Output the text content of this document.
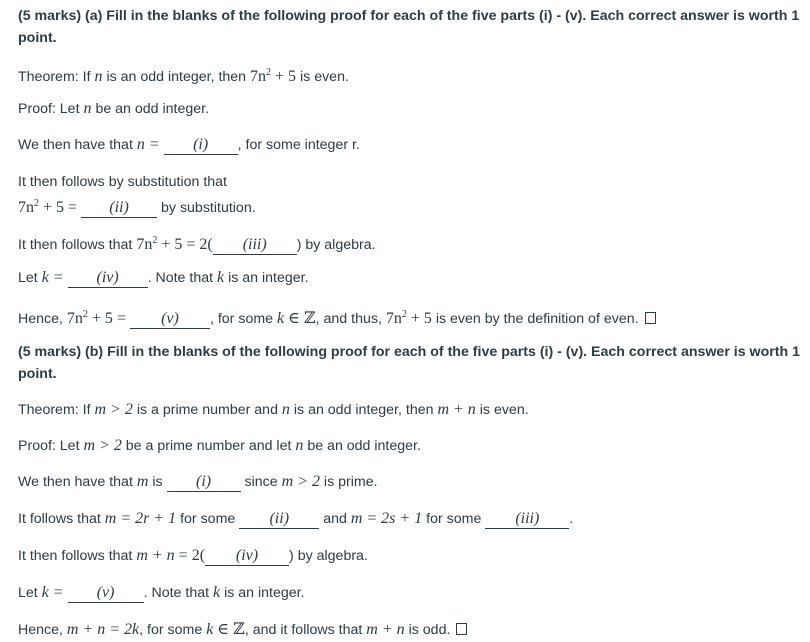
(5 marks) (a) Fill in the blanks of the following proof for each of the five parts (i) - (v). Each correct answer is worth 1
point.
Theorem: If n is an odd integer, then $7n^2 + 5$ is even.
Proof: Let n be an odd integer.
We then have that n = (i) , for some integer r.
It then follows by substitution that
$7n^2 + 5 = (ii)$ by substitution.
It then follows that $7n^2 + 5 = 2$( (iii) ) by algebra.
Let k = (iv) . Note that k is an integer.
Hence, $7n^2 + 5 = (v)$ , for some k ∈ ℤ, and thus, $7n^2 + 5$ is even by the definition of even.
(5 marks) (b) Fill in the blanks of the following proof for each of the five parts (i) - (v). Each correct answer is worth 1
point.
Theorem: If m > 2 is a prime number and n is an odd integer, then m + n is even.
Proof: Let m > 2 be a prime number and let n be an odd integer.
We then have that m is (i) since m > 2 is prime.
It follows that m = 2r + 1 for some (ii) and m = 2s + 1 for some (iii) .
It then follows that m + n = 2( (iv) ) by algebra.
Let k = (v) . Note that k is an integer.
Hence, m + n = 2k, for some k ∈ ℤ, and it follows that m + n is odd.
